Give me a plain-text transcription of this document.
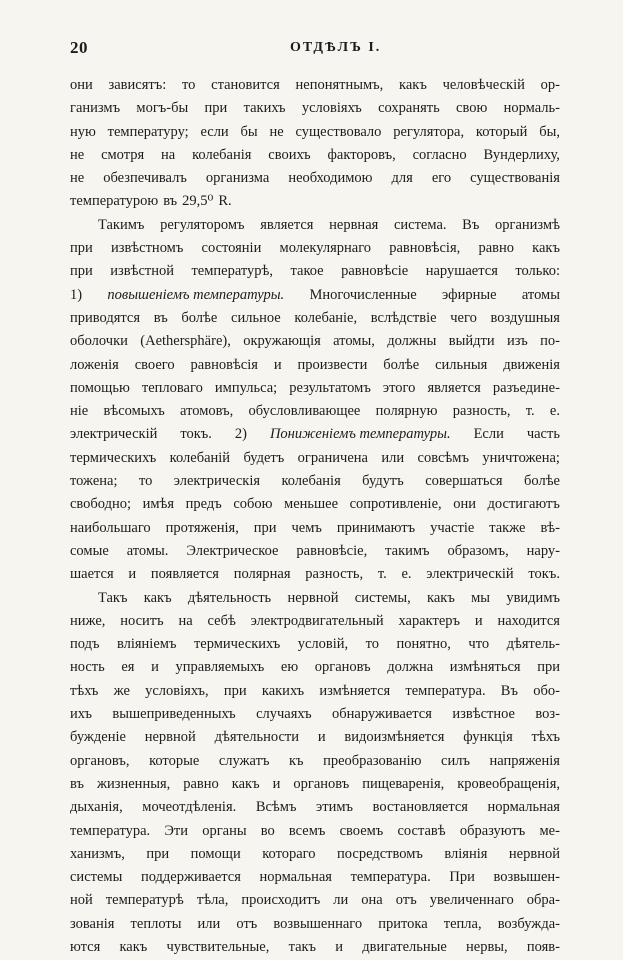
20	ОТДѢЛЪ I.
они зависятъ: то становится непонятнымъ, какъ человѣческій ор-
ганизмъ могъ-бы при такихъ условіяхъ сохранять свою нормаль-
ную температуру; если бы не существовало регулятора, который бы,
не смотря на колебанія своихъ факторовъ, согласно Вундерлиху,
не обезпечивалъ организма необходимою для его существованія
температурою въ 29,5⁰ R.
Такимъ регуляторомъ является нервная система. Въ организмѣ
при извѣстномъ состояніи молекулярнаго равновѣсія, равно какъ
при извѣстной температурѣ, такое равновѣсіе нарушается только:
1) повышеніемъ температуры. Многочисленные эфирные атомы
приводятся въ болѣе сильное колебаніе, вслѣдствіе чего воздушныя
оболочки (Aethersphäre), окружающія атомы, должны выйдти изъ по-
ложенія своего равновѣсія и произвести болѣе сильныя движенія
помощью тепловаго импульса; результатомъ этого является разъедине-
ніе вѣсомыхъ атомовъ, обусловливающее полярную разность, т. е.
электрическій токъ. 2) Пониженіемъ температуры. Если часть
термическихъ колебаній будетъ ограничена или совсѣмъ уничтожена;
тожена; то электрическія колебанія будутъ совершаться болѣе
свободно; имѣя предъ собою меньшее сопротивленіе, они достигаютъ
наибольшаго протяженія, при чемъ принимаютъ участіе также вѣ-
сомые атомы. Электрическое равновѣсіе, такимъ образомъ, нару-
шается и появляется полярная разность, т. е. электрическій токъ.
Такъ какъ дѣятельность нервной системы, какъ мы увидимъ
ниже, носитъ на себѣ электродвигательный характеръ и находится
подъ вліяніемъ термическихъ условій, то понятно, что дѣятель-
ность ея и управляемыхъ ею органовъ должна измѣняться при
тѣхъ же условіяхъ, при какихъ измѣняется температура. Въ обо-
ихъ вышеприведенныхъ случаяхъ обнаруживается извѣстное воз-
бужденіе нервной дѣятельности и видоизмѣняется функція тѣхъ
органовъ, которые служатъ къ преобразованію силъ напряженія
въ жизненныя, равно какъ и органовъ пищеваренія, кровеобращенія,
дыханія, мочеотдѣленія. Всѣмъ этимъ востановляется нормальная
температура. Эти органы во всемъ своемъ составѣ образуютъ ме-
ханизмъ, при помощи котораго посредствомъ вліянія нервной
системы поддерживается нормальная температура. При возвышен-
ной температурѣ тѣла, происходитъ ли она отъ увеличеннаго обра-
зованія теплоты или отъ возвышеннаго притока тепла, возбужда-
ются какъ чувствительные, такъ и двигательные нервы, появ-
